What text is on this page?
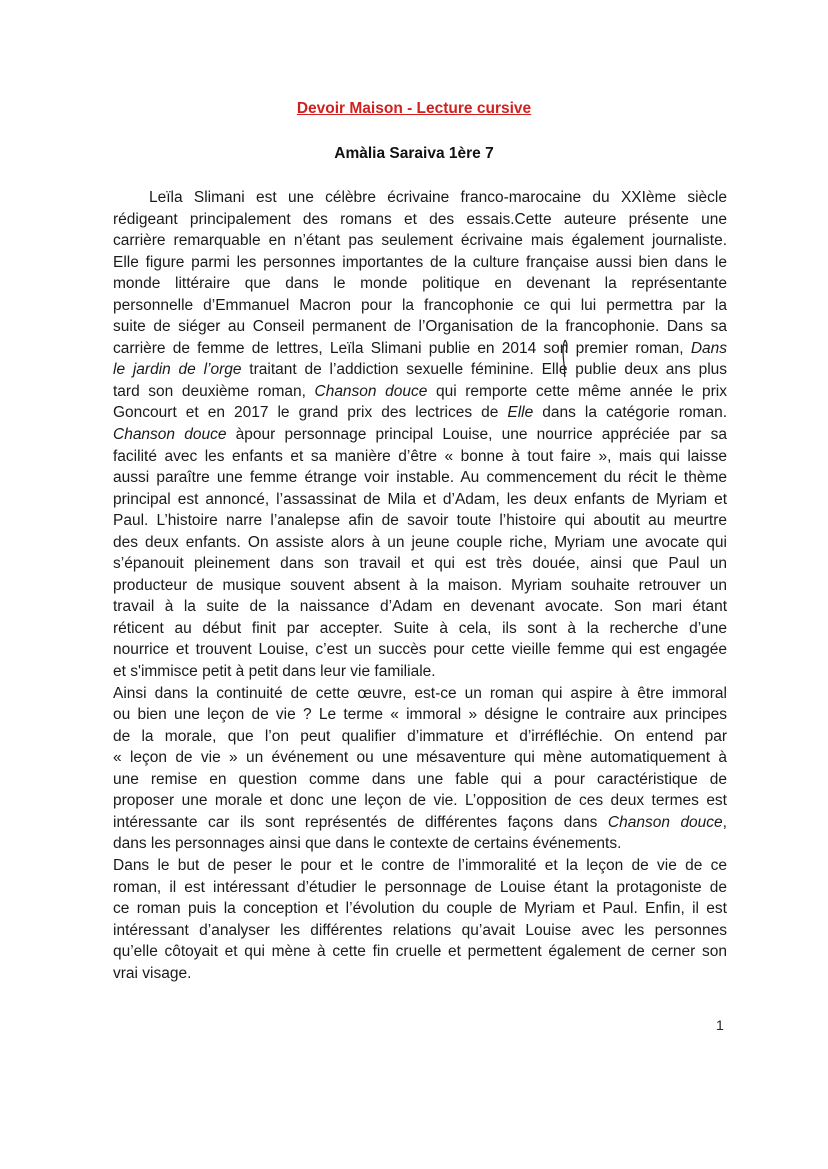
Devoir Maison - Lecture cursive
Amàlia Saraiva 1ère 7
Leïla Slimani est une célèbre écrivaine franco-marocaine du XXIème siècle
rédigeant principalement des romans et des essais.Cette auteure présente une
carrière remarquable en n’étant pas seulement écrivaine mais également journaliste.
Elle figure parmi les personnes importantes de la culture française aussi bien dans le
monde littéraire que dans le monde politique en devenant la représentante
personnelle d’Emmanuel Macron pour la francophonie ce qui lui permettra par la
suite de siéger au Conseil permanent de l’Organisation de la francophonie. Dans sa
carrière de femme de lettres, Leïla Slimani publie en 2014 son premier roman, Dans
le jardin de l’orge traitant de l’addiction sexuelle féminine. Elle publie deux ans plus
tard son deuxième roman, Chanson douce qui remporte cette même année le prix
Goncourt et en 2017 le grand prix des lectrices de Elle dans la catégorie roman.
Chanson douce àpour personnage principal Louise, une nourrice appréciée par sa
facilité avec les enfants et sa manière d’être « bonne à tout faire », mais qui laisse
aussi paraître une femme étrange voir instable. Au commencement du récit le thème
principal est annoncé, l’assassinat de Mila et d’Adam, les deux enfants de Myriam et
Paul. L’histoire narre l’analepse afin de savoir toute l’histoire qui aboutit au meurtre
des deux enfants. On assiste alors à un jeune couple riche, Myriam une avocate qui
s’épanouit pleinement dans son travail et qui est très douée, ainsi que Paul un
producteur de musique souvent absent à la maison. Myriam souhaite retrouver un
travail à la suite de la naissance d’Adam en devenant avocate. Son mari étant
réticent au début finit par accepter. Suite à cela, ils sont à la recherche d’une
nourrice et trouvent Louise, c’est un succès pour cette vieille femme qui est engagée
et s'immisce petit à petit dans leur vie familiale.
Ainsi dans la continuité de cette œuvre, est-ce un roman qui aspire à être immoral
ou bien une leçon de vie ? Le terme « immoral » désigne le contraire aux principes
de la morale, que l’on peut qualifier d’immature et d’irréfléchie. On entend par
« leçon de vie » un événement ou une mésaventure qui mène automatiquement à
une remise en question comme dans une fable qui a pour caractéristique de
proposer une morale et donc une leçon de vie. L’opposition de ces deux termes est
intéressante car ils sont représentés de différentes façons dans Chanson douce,
dans les personnages ainsi que dans le contexte de certains événements.
Dans le but de peser le pour et le contre de l’immoralité et la leçon de vie de ce
roman, il est intéressant d’étudier le personnage de Louise étant la protagoniste de
ce roman puis la conception et l’évolution du couple de Myriam et Paul. Enfin, il est
intéressant d’analyser les différentes relations qu’avait Louise avec les personnes
qu’elle côtoyait et qui mène à cette fin cruelle et permettent également de cerner son
vrai visage.
1
